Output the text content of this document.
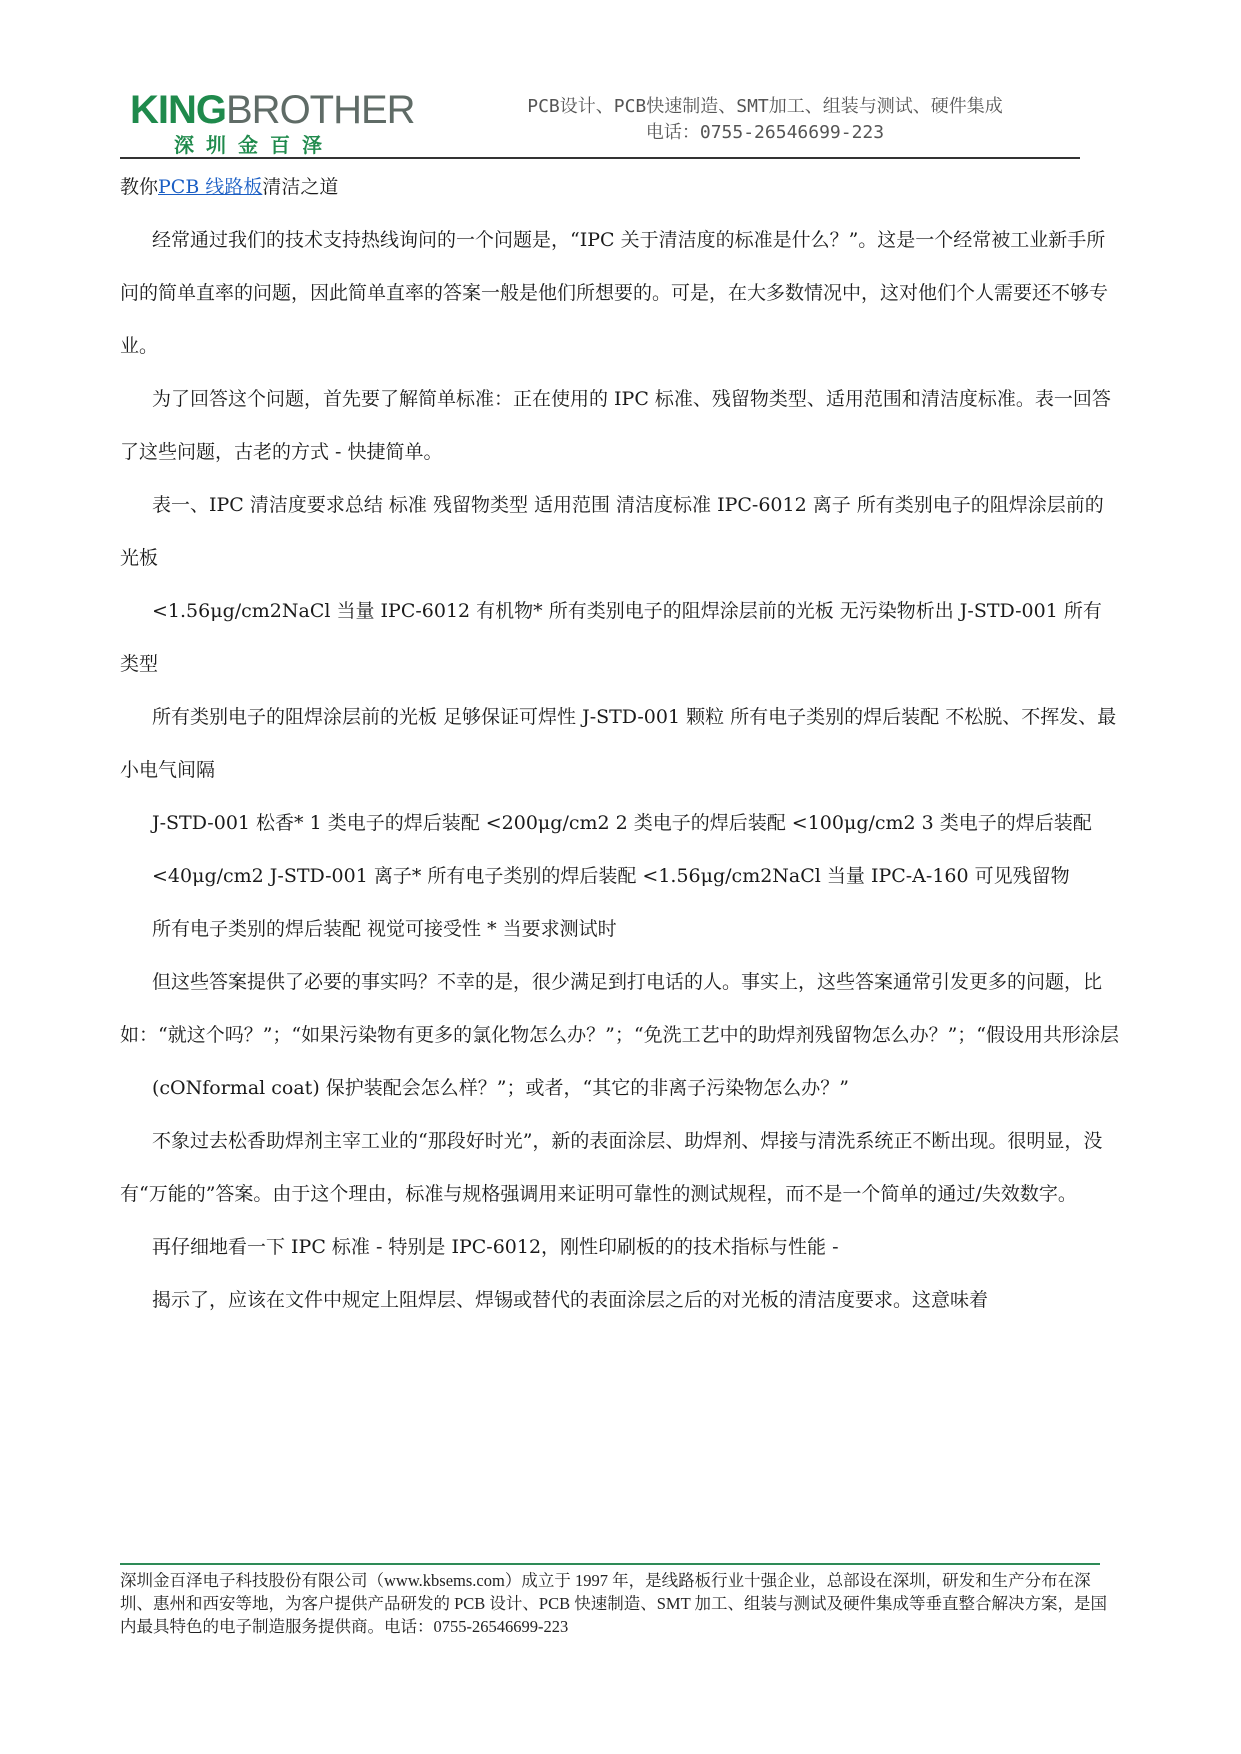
KINGBROTHER
深圳金百泽
PCB设计、PCB快速制造、SMT加工、组装与测试、硬件集成
电话：0755-26546699-223
教你PCB 线路板清洁之道

经常通过我们的技术支持热线询问的一个问题是，“IPC 关于清洁度的标准是什么？”。这是一个经常被工业新手所问的简单直率的问题，因此简单直率的答案一般是他们所想要的。可是，在大多数情况中，这对他们个人需要还不够专业。

为了回答这个问题，首先要了解简单标准：正在使用的 IPC 标准、残留物类型、适用范围和清洁度标准。表一回答了这些问题，古老的方式 - 快捷简单。

表一、IPC 清洁度要求总结 标准 残留物类型 适用范围 清洁度标准 IPC-6012 离子 所有类别电子的阻焊涂层前的光板

<1.56μg/cm2NaCl 当量 IPC-6012 有机物* 所有类别电子的阻焊涂层前的光板 无污染物析出 J-STD-001 所有类型

所有类别电子的阻焊涂层前的光板 足够保证可焊性 J-STD-001 颗粒 所有电子类别的焊后装配 不松脱、不挥发、最小电气间隔

J-STD-001 松香* 1 类电子的焊后装配 <200μg/cm2 2 类电子的焊后装配 <100μg/cm2 3 类电子的焊后装配

<40μg/cm2 J-STD-001 离子* 所有电子类别的焊后装配 <1.56μg/cm2NaCl 当量 IPC-A-160 可见残留物

所有电子类别的焊后装配 视觉可接受性 * 当要求测试时

但这些答案提供了必要的事实吗？不幸的是，很少满足到打电话的人。事实上，这些答案通常引发更多的问题，比如：“就这个吗？”；“如果污染物有更多的氯化物怎么办？”；“免洗工艺中的助焊剂残留物怎么办？”；“假设用共形涂层

(cONformal coat) 保护装配会怎么样？”；或者，“其它的非离子污染物怎么办？”

不象过去松香助焊剂主宰工业的“那段好时光”，新的表面涂层、助焊剂、焊接与清洗系统正不断出现。很明显，没有“万能的”答案。由于这个理由，标准与规格强调用来证明可靠性的测试规程，而不是一个简单的通过/失效数字。

再仔细地看一下 IPC 标准 - 特别是 IPC-6012，刚性印刷板的的技术指标与性能 -

揭示了，应该在文件中规定上阻焊层、焊锡或替代的表面涂层之后的对光板的清洁度要求。这意味着

深圳金百泽电子科技股份有限公司（www.kbsems.com）成立于 1997 年，是线路板行业十强企业，总部设在深圳，研发和生产分布在深圳、惠州和西安等地，为客户提供产品研发的 PCB 设计、PCB 快速制造、SMT 加工、组装与测试及硬件集成等垂直整合解决方案，是国内最具特色的电子制造服务提供商。电话：0755-26546699-223
